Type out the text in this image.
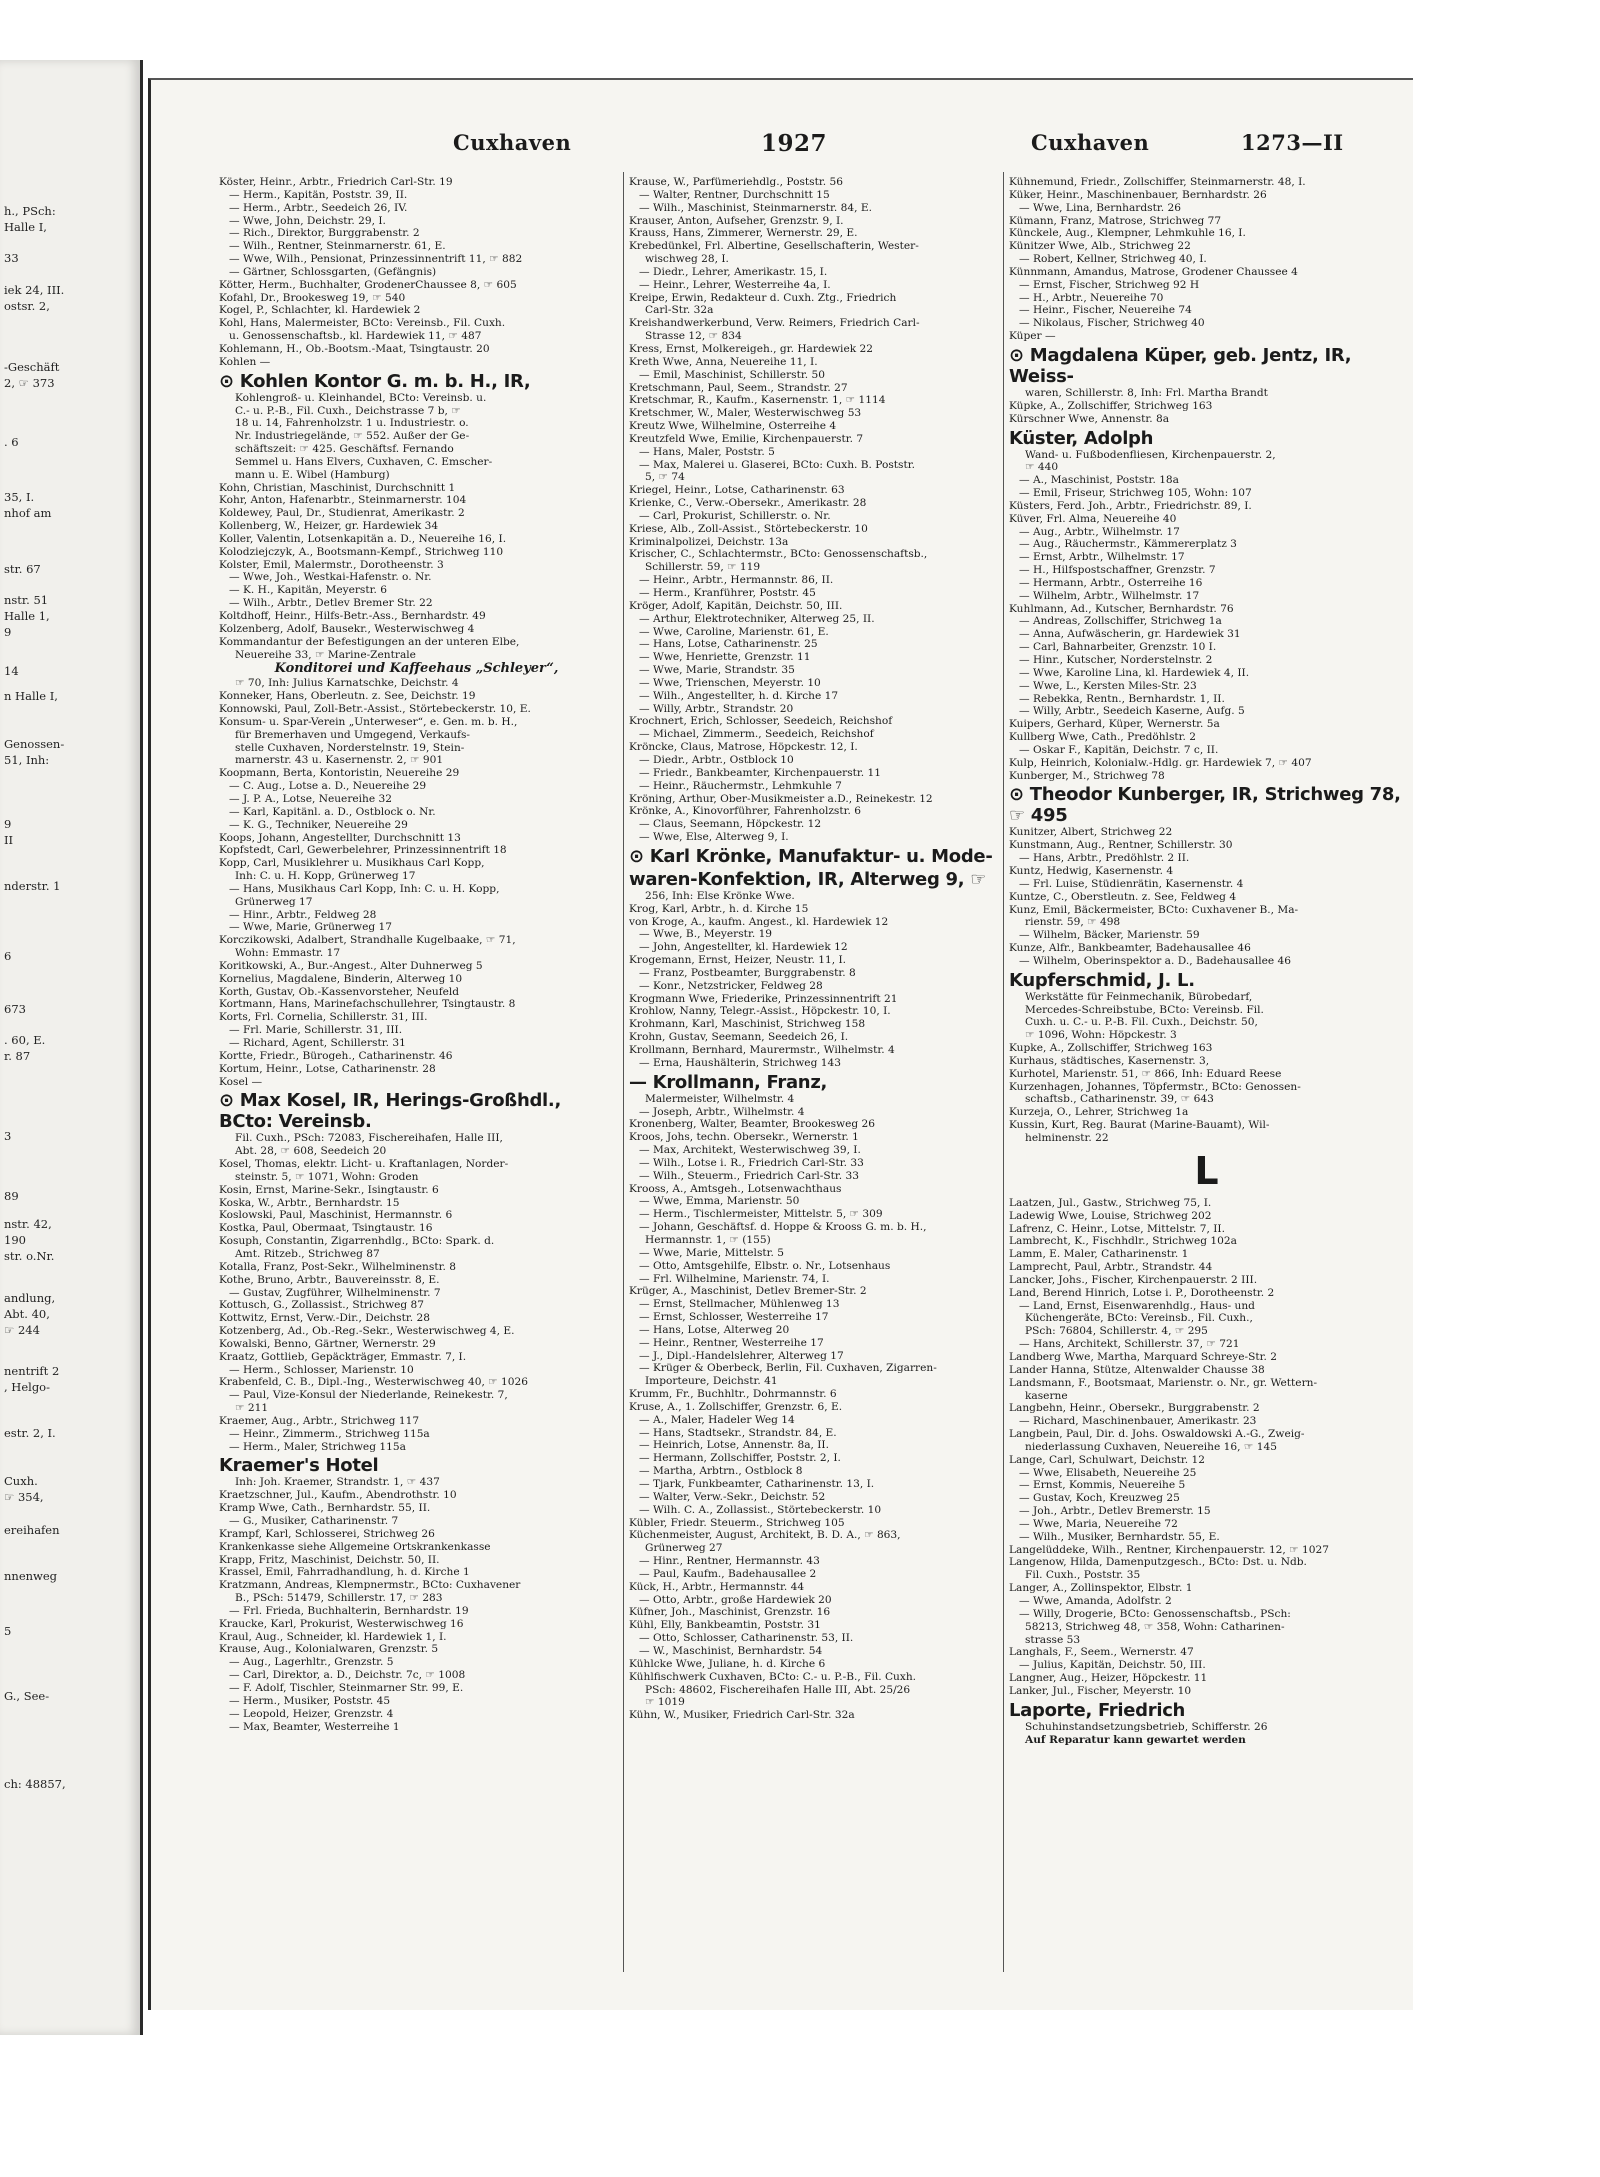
h., PSch:
Halle I,
33
iek 24, III.
ostsr. 2,
-Geschäft
2, ☞ 373
. 6
35, I.
nhof am
str. 67
nstr. 51
Halle 1,
9
14
n Halle I,
Genossen-
51, Inh:
9
II
nderstr. 1
6
673
. 60, E.
r. 87
3
89
nstr. 42,
190
str. o.Nr.
andlung,
Abt. 40,
☞ 244
nentrift 2
, Helgo-
estr. 2, I.
Cuxh.
☞ 354,
ereihafen
nnenweg
5
G., See-
ch: 48857,
Cuxhaven	1927	Cuxhaven	1273—II
Köster, Heinr., Arbtr., Friedrich Carl-Str. 19
— Herm., Kapitän, Poststr. 39, II.
— Herm., Arbtr., Seedeich 26, IV.
— Wwe, John, Deichstr. 29, I.
— Rich., Direktor, Burggrabenstr. 2
— Wilh., Rentner, Steinmarnerstr. 61, E.
— Wwe, Wilh., Pensionat, Prinzessinnentrift 11, ☞ 882
— Gärtner, Schlossgarten, (Gefängnis)
Kötter, Herm., Buchhalter, GrodenerChaussee 8, ☞ 605
Kofahl, Dr., Brookesweg 19, ☞ 540
Kogel, P., Schlachter, kl. Hardewiek 2
Kohl, Hans, Malermeister, BCto: Vereinsb., Fil. Cuxh.
u. Genossenschaftsb., kl. Hardewiek 11, ☞ 487
Kohlemann, H., Ob.-Bootsm.-Maat, Tsingtaustr. 20
Kohlen —
⊙ Kohlen Kontor G. m. b. H., IR,
Kohlengroß- u. Kleinhandel, BCto: Vereinsb. u.
C.- u. P.-B., Fil. Cuxh., Deichstrasse 7 b, ☞
18 u. 14, Fahrenholzstr. 1 u. Industriestr. o.
Nr. Industriegelände, ☞ 552. Außer der Ge-
schäftszeit: ☞ 425. Geschäftsf. Fernando
Semmel u. Hans Elvers, Cuxhaven, C. Emscher-
mann u. E. Wibel (Hamburg)
Kohn, Christian, Maschinist, Durchschnitt 1
Kohr, Anton, Hafenarbtr., Steinmarnerstr. 104
Koldewey, Paul, Dr., Studienrat, Amerikastr. 2
Kollenberg, W., Heizer, gr. Hardewiek 34
Koller, Valentin, Lotsenkapitän a. D., Neuereihe 16, I.
Kolodziejczyk, A., Bootsmann-Kempf., Strichweg 110
Kolster, Emil, Malermstr., Dorotheenstr. 3
— Wwe, Joh., Westkai-Hafenstr. o. Nr.
— K. H., Kapitän, Meyerstr. 6
— Wilh., Arbtr., Detlev Bremer Str. 22
Koltdhoff, Heinr., Hilfs-Betr.-Ass., Bernhardstr. 49
Kolzenberg, Adolf, Bausekr., Westerwischweg 4
Kommandantur der Befestigungen an der unteren Elbe,
Neuereihe 33, ☞ Marine-Zentrale
Konditorei und Kaffeehaus „Schleyer“,
☞ 70, Inh: Julius Karnatschke, Deichstr. 4
Konneker, Hans, Oberleutn. z. See, Deichstr. 19
Konnowski, Paul, Zoll-Betr.-Assist., Störtebeckerstr. 10, E.
Konsum- u. Spar-Verein „Unterweser“, e. Gen. m. b. H.,
für Bremerhaven und Umgegend, Verkaufs-
stelle Cuxhaven, Norderstelnstr. 19, Stein-
marnerstr. 43 u. Kasernenstr. 2, ☞ 901
Koopmann, Berta, Kontoristin, Neuereihe 29
— C. Aug., Lotse a. D., Neuereihe 29
— J. P. A., Lotse, Neuereihe 32
— Karl, Kapitänl. a. D., Ostblock o. Nr.
— K. G., Techniker, Neuereihe 29
Koops, Johann, Angestellter, Durchschnitt 13
Kopfstedt, Carl, Gewerbelehrer, Prinzessinnentrift 18
Kopp, Carl, Musiklehrer u. Musikhaus Carl Kopp,
Inh: C. u. H. Kopp, Grünerweg 17
— Hans, Musikhaus Carl Kopp, Inh: C. u. H. Kopp,
Grünerweg 17
— Hinr., Arbtr., Feldweg 28
— Wwe, Marie, Grünerweg 17
Korczikowski, Adalbert, Strandhalle Kugelbaake, ☞ 71,
Wohn: Emmastr. 17
Koritkowski, A., Bur.-Angest., Alter Duhnerweg 5
Kornelius, Magdalene, Binderin, Alterweg 10
Korth, Gustav, Ob.-Kassenvorsteher, Neufeld
Kortmann, Hans, Marinefachschullehrer, Tsingtaustr. 8
Korts, Frl. Cornelia, Schillerstr. 31, III.
— Frl. Marie, Schillerstr. 31, III.
— Richard, Agent, Schillerstr. 31
Kortte, Friedr., Bürogeh., Catharinenstr. 46
Kortum, Heinr., Lotse, Catharinenstr. 28
Kosel —
⊙ Max Kosel, IR, Herings-Großhdl., BCto: Vereinsb.
Fil. Cuxh., PSch: 72083, Fischereihafen, Halle III,
Abt. 28, ☞ 608, Seedeich 20
Kosel, Thomas, elektr. Licht- u. Kraftanlagen, Norder-
steinstr. 5, ☞ 1071, Wohn: Groden
Kosin, Ernst, Marine-Sekr., Isingtaustr. 6
Koska, W., Arbtr., Bernhardstr. 15
Koslowski, Paul, Maschinist, Hermannstr. 6
Kostka, Paul, Obermaat, Tsingtaustr. 16
Kosuph, Constantin, Zigarrenhdlg., BCto: Spark. d.
Amt. Ritzeb., Strichweg 87
Kotalla, Franz, Post-Sekr., Wilhelminenstr. 8
Kothe, Bruno, Arbtr., Bauvereinsstr. 8, E.
— Gustav, Zugführer, Wilhelminenstr. 7
Kottusch, G., Zollassist., Strichweg 87
Kottwitz, Ernst, Verw.-Dir., Deichstr. 28
Kotzenberg, Ad., Ob.-Reg.-Sekr., Westerwischweg 4, E.
Kowalski, Benno, Gärtner, Wernerstr. 29
Kraatz, Gottlieb, Gepäckträger, Emmastr. 7, I.
— Herm., Schlosser, Marienstr. 10
Krabenfeld, C. B., Dipl.-Ing., Westerwischweg 40, ☞ 1026
— Paul, Vize-Konsul der Niederlande, Reinekestr. 7,
☞ 211
Kraemer, Aug., Arbtr., Strichweg 117
— Heinr., Zimmerm., Strichweg 115a
— Herm., Maler, Strichweg 115a
Kraemer's Hotel
Inh: Joh. Kraemer, Strandstr. 1, ☞ 437
Kraetzschner, Jul., Kaufm., Abendrothstr. 10
Kramp Wwe, Cath., Bernhardstr. 55, II.
— G., Musiker, Catharinenstr. 7
Krampf, Karl, Schlosserei, Strichweg 26
Krankenkasse siehe Allgemeine Ortskrankenkasse
Krapp, Fritz, Maschinist, Deichstr. 50, II.
Krassel, Emil, Fahrradhandlung, h. d. Kirche 1
Kratzmann, Andreas, Klempnermstr., BCto: Cuxhavener
B., PSch: 51479, Schillerstr. 17, ☞ 283
— Frl. Frieda, Buchhalterin, Bernhardstr. 19
Kraucke, Karl, Prokurist, Westerwischweg 16
Kraul, Aug., Schneider, kl. Hardewiek 1, I.
Krause, Aug., Kolonialwaren, Grenzstr. 5
— Aug., Lagerhltr., Grenzstr. 5
— Carl, Direktor, a. D., Deichstr. 7c, ☞ 1008
— F. Adolf, Tischler, Steinmarner Str. 99, E.
— Herm., Musiker, Poststr. 45
— Leopold, Heizer, Grenzstr. 4
— Max, Beamter, Westerreihe 1
Krause, W., Parfümeriehdlg., Poststr. 56
— Walter, Rentner, Durchschnitt 15
— Wilh., Maschinist, Steinmarnerstr. 84, E.
Krauser, Anton, Aufseher, Grenzstr. 9, I.
Krauss, Hans, Zimmerer, Wernerstr. 29, E.
Krebedünkel, Frl. Albertine, Gesellschafterin, Wester-
wischweg 28, I.
— Diedr., Lehrer, Amerikastr. 15, I.
— Heinr., Lehrer, Westerreihe 4a, I.
Kreipe, Erwin, Redakteur d. Cuxh. Ztg., Friedrich
Carl-Str. 32a
Kreishandwerkerbund, Verw. Reimers, Friedrich Carl-
Strasse 12, ☞ 834
Kress, Ernst, Molkereigeh., gr. Hardewiek 22
Kreth Wwe, Anna, Neuereihe 11, I.
— Emil, Maschinist, Schillerstr. 50
Kretschmann, Paul, Seem., Strandstr. 27
Kretschmar, R., Kaufm., Kasernenstr. 1, ☞ 1114
Kretschmer, W., Maler, Westerwischweg 53
Kreutz Wwe, Wilhelmine, Osterreihe 4
Kreutzfeld Wwe, Emilie, Kirchenpauerstr. 7
— Hans, Maler, Poststr. 5
— Max, Malerei u. Glaserei, BCto: Cuxh. B. Poststr.
5, ☞ 74
Kriegel, Heinr., Lotse, Catharinenstr. 63
Krienke, C., Verw.-Obersekr., Amerikastr. 28
— Carl, Prokurist, Schillerstr. o. Nr.
Kriese, Alb., Zoll-Assist., Störtebeckerstr. 10
Kriminalpolizei, Deichstr. 13a
Krischer, C., Schlachtermstr., BCto: Genossenschaftsb.,
Schillerstr. 59, ☞ 119
— Heinr., Arbtr., Hermannstr. 86, II.
— Herm., Kranführer, Poststr. 45
Kröger, Adolf, Kapitän, Deichstr. 50, III.
— Arthur, Elektrotechniker, Alterweg 25, II.
— Wwe, Caroline, Marienstr. 61, E.
— Hans, Lotse, Catharinenstr. 25
— Wwe, Henriette, Grenzstr. 11
— Wwe, Marie, Strandstr. 35
— Wwe, Trienschen, Meyerstr. 10
— Wilh., Angestellter, h. d. Kirche 17
— Willy, Arbtr., Strandstr. 20
Krochnert, Erich, Schlosser, Seedeich, Reichshof
— Michael, Zimmerm., Seedeich, Reichshof
Kröncke, Claus, Matrose, Höpckestr. 12, I.
— Diedr., Arbtr., Ostblock 10
— Friedr., Bankbeamter, Kirchenpauerstr. 11
— Heinr., Räuchermstr., Lehmkuhle 7
Kröning, Arthur, Ober-Musikmeister a.D., Reinekestr. 12
Krönke, A., Kinovorführer, Fahrenholzstr. 6
— Claus, Seemann, Höpckestr. 12
— Wwe, Else, Alterweg 9, I.
⊙ Karl Krönke, Manufaktur- u. Mode-
waren-Konfektion, IR, Alterweg 9, ☞
256, Inh: Else Krönke Wwe.
Krog, Karl, Arbtr., h. d. Kirche 15
von Kroge, A., kaufm. Angest., kl. Hardewiek 12
— Wwe, B., Meyerstr. 19
— John, Angestellter, kl. Hardewiek 12
Krogemann, Ernst, Heizer, Neustr. 11, I.
— Franz, Postbeamter, Burggrabenstr. 8
— Konr., Netzstricker, Feldweg 28
Krogmann Wwe, Friederike, Prinzessinnentrift 21
Krohlow, Nanny, Telegr.-Assist., Höpckestr. 10, I.
Krohmann, Karl, Maschinist, Strichweg 158
Krohn, Gustav, Seemann, Seedeich 26, I.
Krollmann, Bernhard, Maurermstr., Wilhelmstr. 4
— Erna, Haushälterin, Strichweg 143
— Krollmann, Franz,
Malermeister, Wilhelmstr. 4
— Joseph, Arbtr., Wilhelmstr. 4
Kronenberg, Walter, Beamter, Brookesweg 26
Kroos, Johs, techn. Obersekr., Wernerstr. 1
— Max, Architekt, Westerwischweg 39, I.
— Wilh., Lotse i. R., Friedrich Carl-Str. 33
— Wilh., Steuerm., Friedrich Carl-Str. 33
Krooss, A., Amtsgeh., Lotsenwachthaus
— Wwe, Emma, Marienstr. 50
— Herm., Tischlermeister, Mittelstr. 5, ☞ 309
— Johann, Geschäftsf. d. Hoppe & Krooss G. m. b. H.,
Hermannstr. 1, ☞ (155)
— Wwe, Marie, Mittelstr. 5
— Otto, Amtsgehilfe, Elbstr. o. Nr., Lotsenhaus
— Frl. Wilhelmine, Marienstr. 74, I.
Krüger, A., Maschinist, Detlev Bremer-Str. 2
— Ernst, Stellmacher, Mühlenweg 13
— Ernst, Schlosser, Westerreihe 17
— Hans, Lotse, Alterweg 20
— Heinr., Rentner, Westerreihe 17
— J., Dipl.-Handelslehrer, Alterweg 17
— Krüger & Oberbeck, Berlin, Fil. Cuxhaven, Zigarren-
Importeure, Deichstr. 41
Krumm, Fr., Buchhltr., Dohrmannstr. 6
Kruse, A., 1. Zollschiffer, Grenzstr. 6, E.
— A., Maler, Hadeler Weg 14
— Hans, Stadtsekr., Strandstr. 84, E.
— Heinrich, Lotse, Annenstr. 8a, II.
— Hermann, Zollschiffer, Poststr. 2, I.
— Martha, Arbtrn., Ostblock 8
— Tjark, Funkbeamter, Catharinenstr. 13, I.
— Walter, Verw.-Sekr., Deichstr. 52
— Wilh. C. A., Zollassist., Störtebeckerstr. 10
Kübler, Friedr. Steuerm., Strichweg 105
Küchenmeister, August, Architekt, B. D. A., ☞ 863,
Grünerweg 27
— Hinr., Rentner, Hermannstr. 43
— Paul, Kaufm., Badehausallee 2
Kück, H., Arbtr., Hermannstr. 44
— Otto, Arbtr., große Hardewiek 20
Küfner, Joh., Maschinist, Grenzstr. 16
Kühl, Elly, Bankbeamtin, Poststr. 31
— Otto, Schlosser, Catharinenstr. 53, II.
— W., Maschinist, Bernhardstr. 54
Kühlcke Wwe, Juliane, h. d. Kirche 6
Kühlfischwerk Cuxhaven, BCto: C.- u. P.-B., Fil. Cuxh.
PSch: 48602, Fischereihafen Halle III, Abt. 25/26
☞ 1019
Kühn, W., Musiker, Friedrich Carl-Str. 32a
Kühnemund, Friedr., Zollschiffer, Steinmarnerstr. 48, I.
Küker, Heinr., Maschinenbauer, Bernhardstr. 26
— Wwe, Lina, Bernhardstr. 26
Kümann, Franz, Matrose, Strichweg 77
Künckele, Aug., Klempner, Lehmkuhle 16, I.
Künitzer Wwe, Alb., Strichweg 22
— Robert, Kellner, Strichweg 40, I.
Künnmann, Amandus, Matrose, Grodener Chaussee 4
— Ernst, Fischer, Strichweg 92 H
— H., Arbtr., Neuereihe 70
— Heinr., Fischer, Neuereihe 74
— Nikolaus, Fischer, Strichweg 40
Küper —
⊙ Magdalena Küper, geb. Jentz, IR, Weiss-
waren, Schillerstr. 8, Inh: Frl. Martha Brandt
Küpke, A., Zollschiffer, Strichweg 163
Kürschner Wwe, Annenstr. 8a
Küster, Adolph
Wand- u. Fußbodenfliesen, Kirchenpauerstr. 2,
☞ 440
— A., Maschinist, Poststr. 18a
— Emil, Friseur, Strichweg 105, Wohn: 107
Küsters, Ferd. Joh., Arbtr., Friedrichstr. 89, I.
Küver, Frl. Alma, Neuereihe 40
— Aug., Arbtr., Wilhelmstr. 17
— Aug., Räuchermstr., Kämmererplatz 3
— Ernst, Arbtr., Wilhelmstr. 17
— H., Hilfspostschaffner, Grenzstr. 7
— Hermann, Arbtr., Osterreihe 16
— Wilhelm, Arbtr., Wilhelmstr. 17
Kuhlmann, Ad., Kutscher, Bernhardstr. 76
— Andreas, Zollschiffer, Strichweg 1a
— Anna, Aufwäscherin, gr. Hardewiek 31
— Carl, Bahnarbeiter, Grenzstr. 10 I.
— Hinr., Kutscher, Norderstelnstr. 2
— Wwe, Karoline Lina, kl. Hardewiek 4, II.
— Wwe, L., Kersten Miles-Str. 23
— Rebekka, Rentn., Bernhardstr. 1, II.
— Willy, Arbtr., Seedeich Kaserne, Aufg. 5
Kuipers, Gerhard, Küper, Wernerstr. 5a
Kullberg Wwe, Cath., Predöhlstr. 2
— Oskar F., Kapitän, Deichstr. 7 c, II.
Kulp, Heinrich, Kolonialw.-Hdlg. gr. Hardewiek 7, ☞ 407
Kunberger, M., Strichweg 78
⊙ Theodor Kunberger, IR, Strichweg 78, ☞ 495
Kunitzer, Albert, Strichweg 22
Kunstmann, Aug., Rentner, Schillerstr. 30
— Hans, Arbtr., Predöhlstr. 2 II.
Kuntz, Hedwig, Kasernenstr. 4
— Frl. Luise, Stüdienrätin, Kasernenstr. 4
Kuntze, C., Oberstleutn. z. See, Feldweg 4
Kunz, Emil, Bäckermeister, BCto: Cuxhavener B., Ma-
rienstr. 59, ☞ 498
— Wilhelm, Bäcker, Marienstr. 59
Kunze, Alfr., Bankbeamter, Badehausallee 46
— Wilhelm, Oberinspektor a. D., Badehausallee 46
Kupferschmid, J. L.
Werkstätte für Feinmechanik, Bürobedarf,
Mercedes-Schreibstube, BCto: Vereinsb. Fil.
Cuxh. u. C.- u. P.-B. Fil. Cuxh., Deichstr. 50,
☞ 1096, Wohn: Höpckestr. 3
Kupke, A., Zollschiffer, Strichweg 163
Kurhaus, städtisches, Kasernenstr. 3,
Kurhotel, Marienstr. 51, ☞ 866, Inh: Eduard Reese
Kurzenhagen, Johannes, Töpfermstr., BCto: Genossen-
schaftsb., Catharinenstr. 39, ☞ 643
Kurzeja, O., Lehrer, Strichweg 1a
Kussin, Kurt, Reg. Baurat (Marine-Bauamt), Wil-
helminenstr. 22
L
Laatzen, Jul., Gastw., Strichweg 75, I.
Ladewig Wwe, Louise, Strichweg 202
Lafrenz, C. Heinr., Lotse, Mittelstr. 7, II.
Lambrecht, K., Fischhdlr., Strichweg 102a
Lamm, E. Maler, Catharinenstr. 1
Lamprecht, Paul, Arbtr., Strandstr. 44
Lancker, Johs., Fischer, Kirchenpauerstr. 2 III.
Land, Berend Hinrich, Lotse i. P., Dorotheenstr. 2
— Land, Ernst, Eisenwarenhdlg., Haus- und
Küchengeräte, BCto: Vereinsb., Fil. Cuxh.,
PSch: 76804, Schillerstr. 4, ☞ 295
— Hans, Architekt, Schillerstr. 37, ☞ 721
Landberg Wwe, Martha, Marquard Schreye-Str. 2
Lander Hanna, Stütze, Altenwalder Chausse 38
Landsmann, F., Bootsmaat, Marienstr. o. Nr., gr. Wettern-
kaserne
Langbehn, Heinr., Obersekr., Burggrabenstr. 2
— Richard, Maschinenbauer, Amerikastr. 23
Langbein, Paul, Dir. d. Johs. Oswaldowski A.-G., Zweig-
niederlassung Cuxhaven, Neuereihe 16, ☞ 145
Lange, Carl, Schulwart, Deichstr. 12
— Wwe, Elisabeth, Neuereihe 25
— Ernst, Kommis, Neuereihe 5
— Gustav, Koch, Kreuzweg 25
— Joh., Arbtr., Detlev Bremerstr. 15
— Wwe, Maria, Neuereihe 72
— Wilh., Musiker, Bernhardstr. 55, E.
Langelüddeke, Wilh., Rentner, Kirchenpauerstr. 12, ☞ 1027
Langenow, Hilda, Damenputzgesch., BCto: Dst. u. Ndb.
Fil. Cuxh., Poststr. 35
Langer, A., Zollinspektor, Elbstr. 1
— Wwe, Amanda, Adolfstr. 2
— Willy, Drogerie, BCto: Genossenschaftsb., PSch:
58213, Strichweg 48, ☞ 358, Wohn: Catharinen-
strasse 53
Langhals, F., Seem., Wernerstr. 47
— Julius, Kapitän, Deichstr. 50, III.
Langner, Aug., Heizer, Höpckestr. 11
Lanker, Jul., Fischer, Meyerstr. 10
Laporte, Friedrich
Schuhinstandsetzungsbetrieb, Schifferstr. 26
Auf Reparatur kann gewartet werden
